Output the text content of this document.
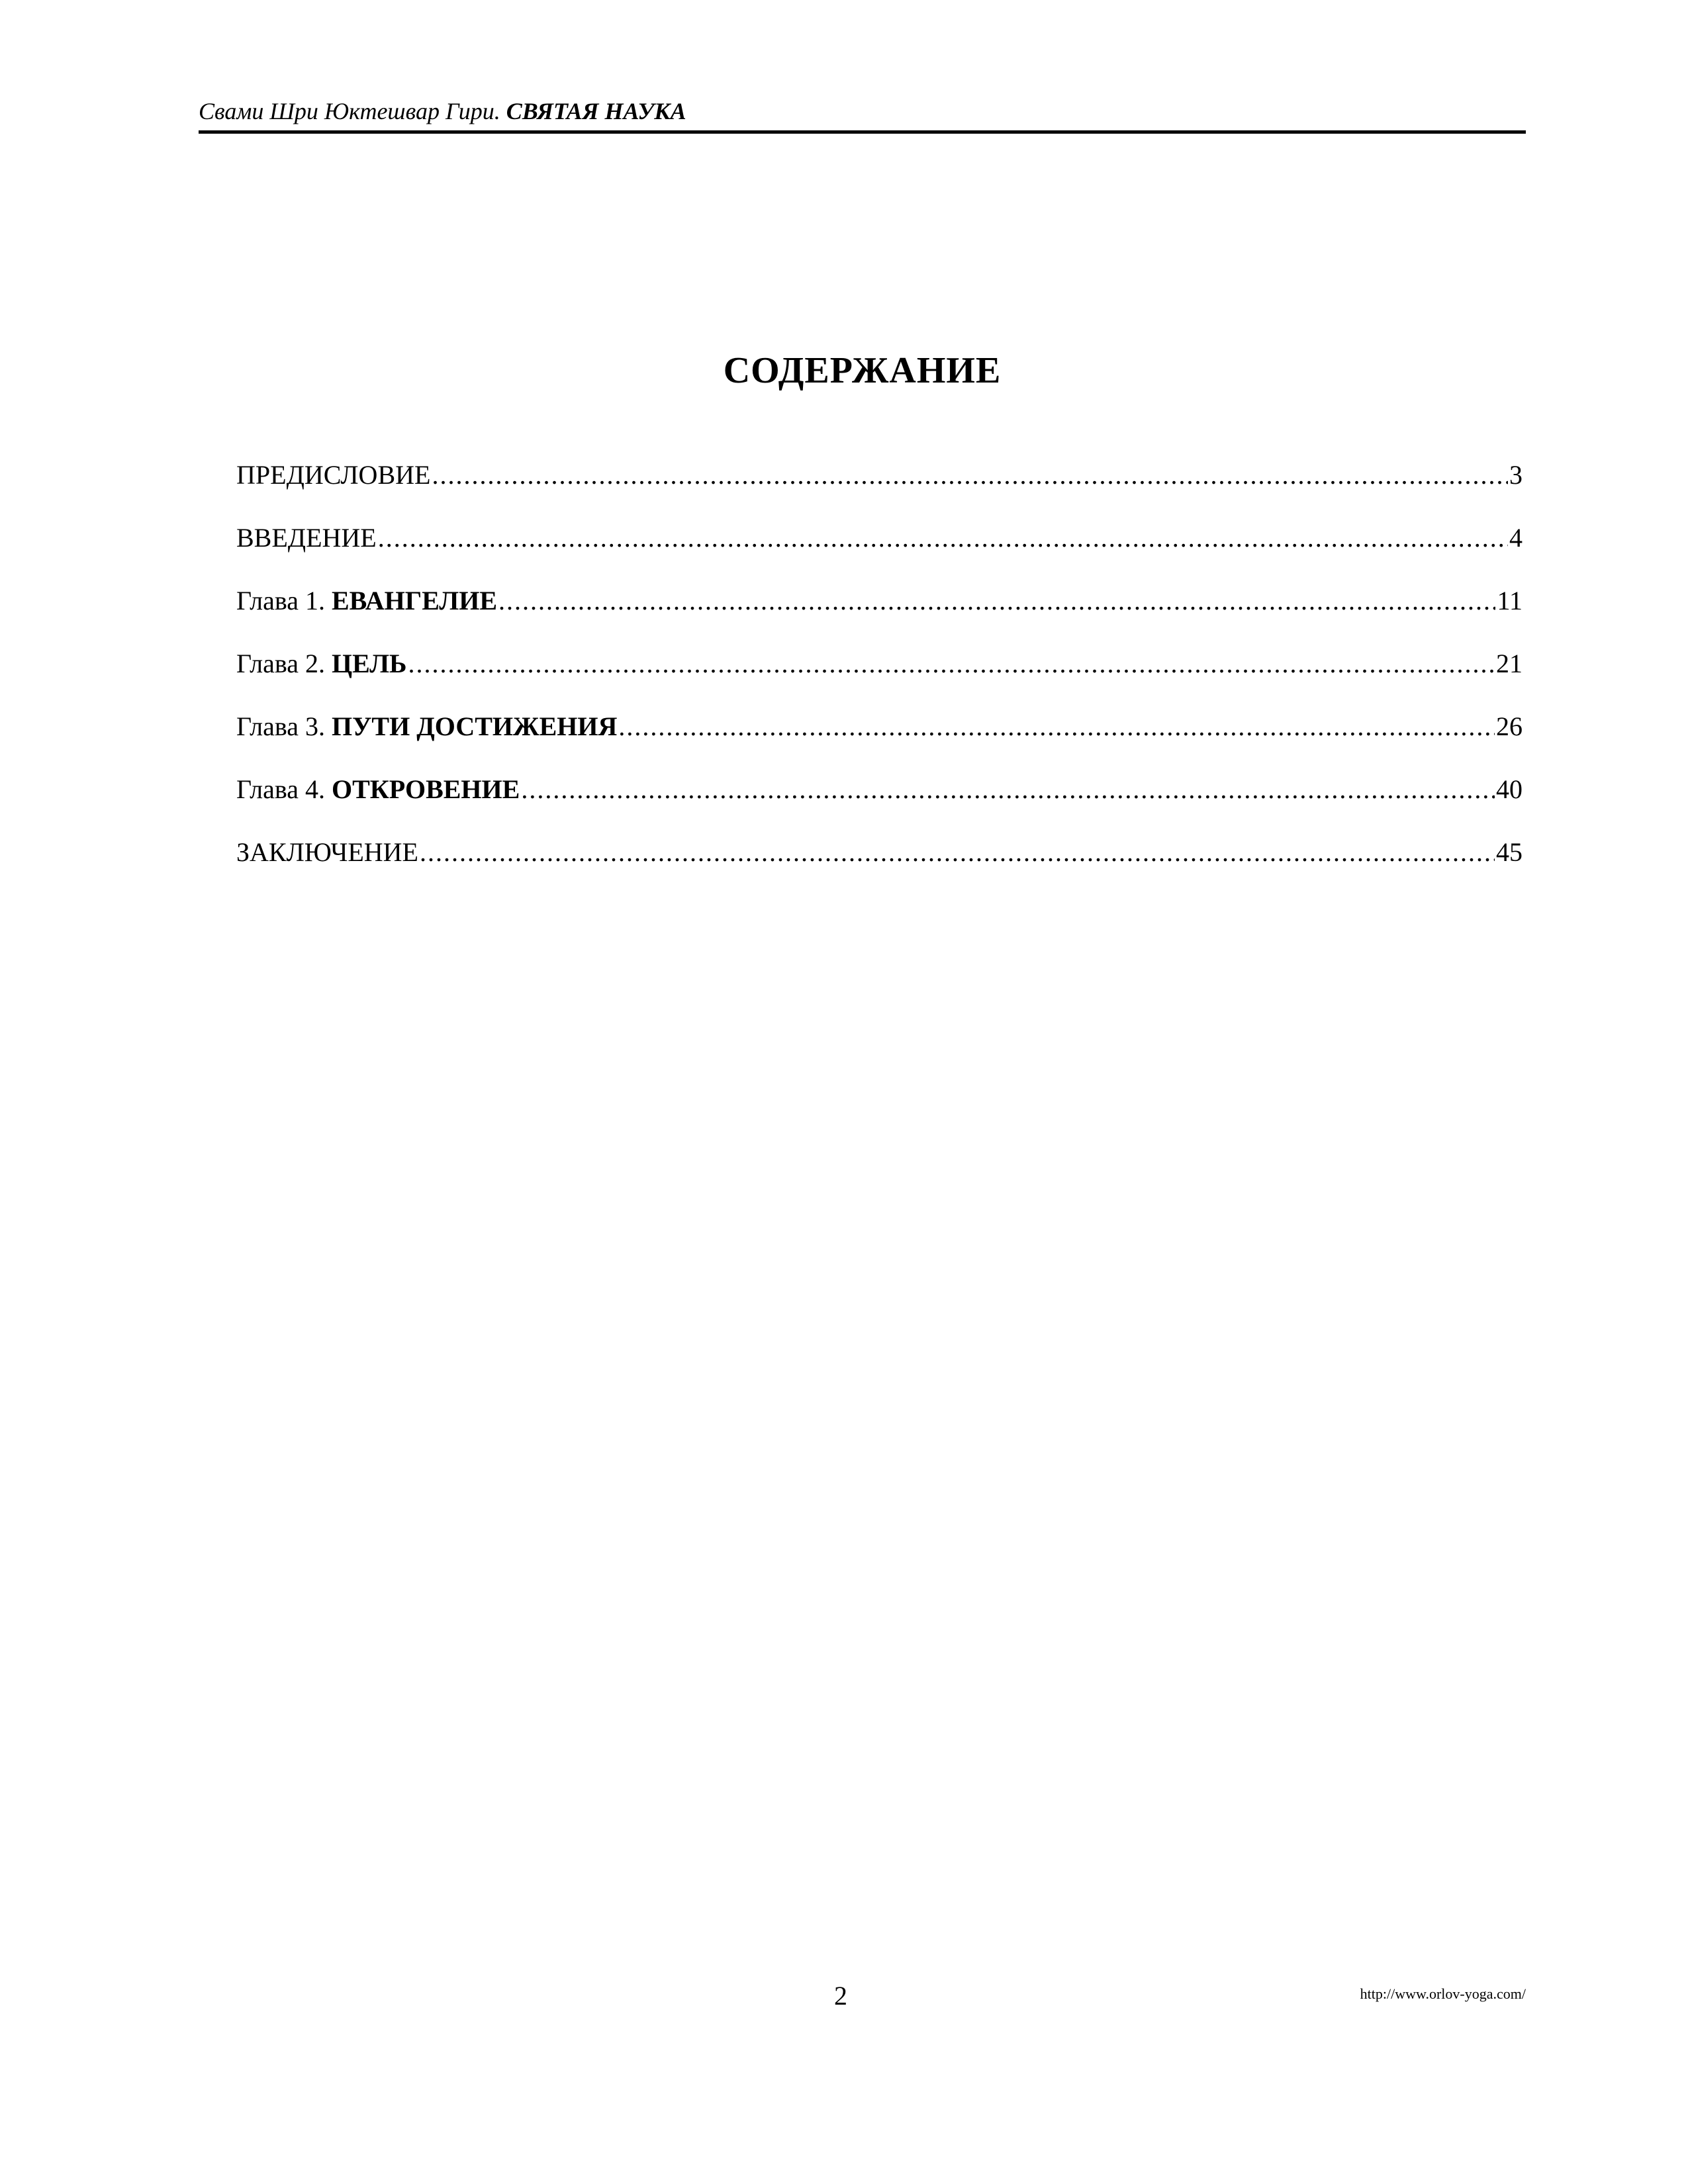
Свами Шри Юктешвар Гири. СВЯТАЯ НАУКА
СОДЕРЖАНИЕ
ПРЕДИСЛОВИЕ .....	3
ВВЕДЕНИЕ .....	4
Глава 1. ЕВАНГЕЛИЕ .....	11
Глава 2. ЦЕЛЬ .....	21
Глава 3. ПУТИ ДОСТИЖЕНИЯ .....	26
Глава 4. ОТКРОВЕНИЕ .....	40
ЗАКЛЮЧЕНИЕ .....	45
2	http://www.orlov-yoga.com/
